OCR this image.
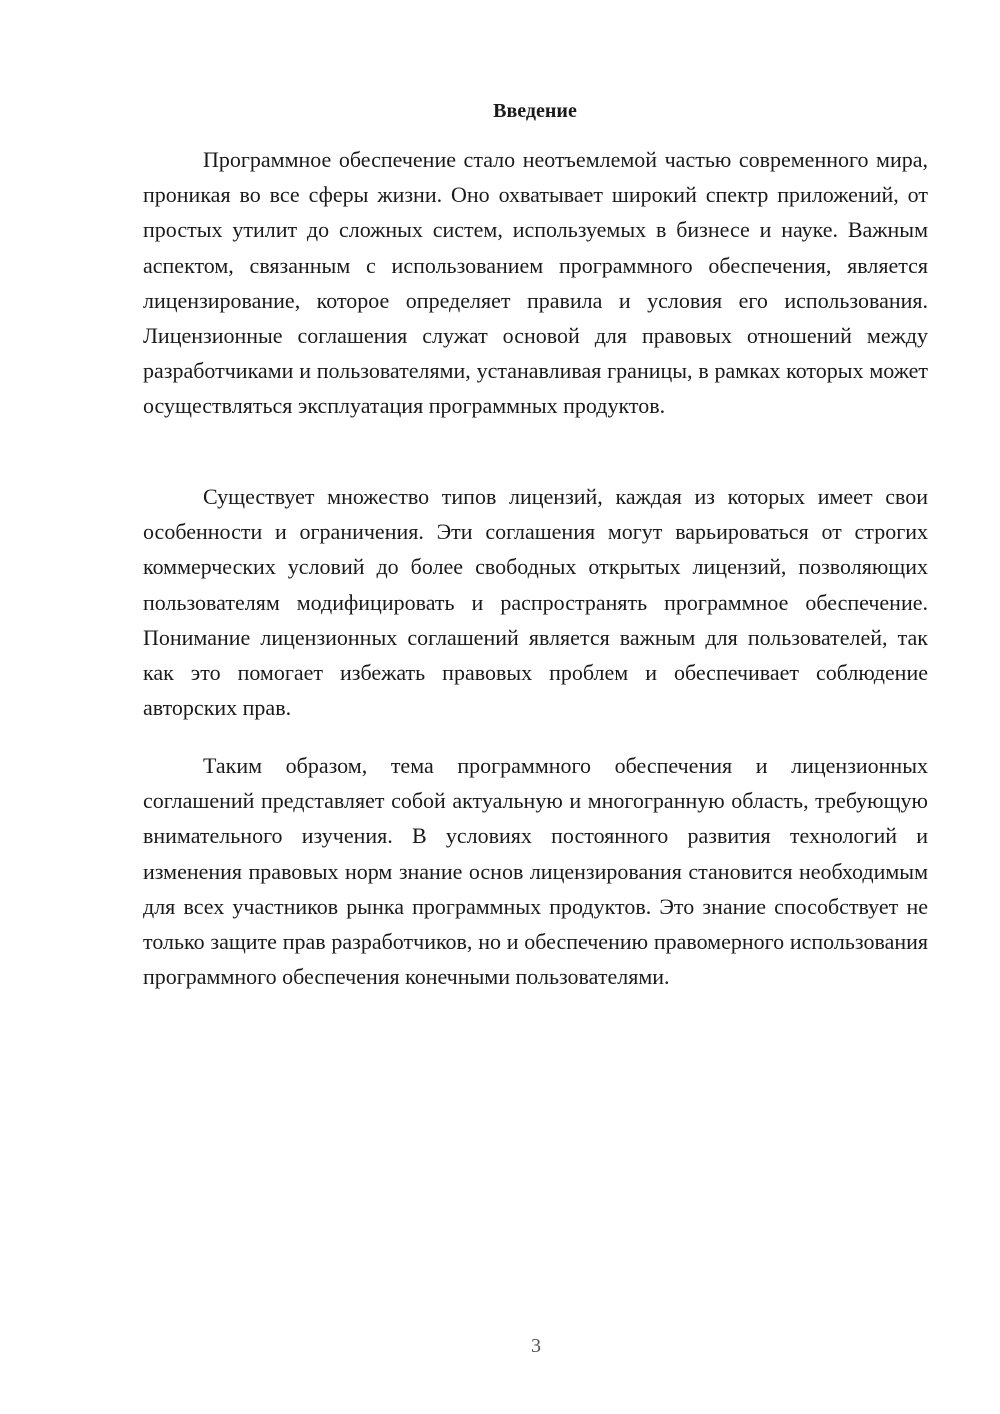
Введение

Программное обеспечение стало неотъемлемой частью современного мира, проникая во все сферы жизни. Оно охватывает широкий спектр приложений, от простых утилит до сложных систем, используемых в бизнесе и науке. Важным аспектом, связанным с использованием программного обеспечения, является лицензирование, которое определяет правила и условия его использования. Лицензионные соглашения служат основой для правовых отношений между разработчиками и пользователями, устанавливая границы, в рамках которых может осуществляться эксплуатация программных продуктов.

Существует множество типов лицензий, каждая из которых имеет свои особенности и ограничения. Эти соглашения могут варьироваться от строгих коммерческих условий до более свободных открытых лицензий, позволяющих пользователям модифицировать и распространять программное обеспечение. Понимание лицензионных соглашений является важным для пользователей, так как это помогает избежать правовых проблем и обеспечивает соблюдение авторских прав.

Таким образом, тема программного обеспечения и лицензионных соглашений представляет собой актуальную и многогранную область, требующую внимательного изучения. В условиях постоянного развития технологий и изменения правовых норм знание основ лицензирования становится необходимым для всех участников рынка программных продуктов. Это знание способствует не только защите прав разработчиков, но и обеспечению правомерного использования программного обеспечения конечными пользователями.

3
